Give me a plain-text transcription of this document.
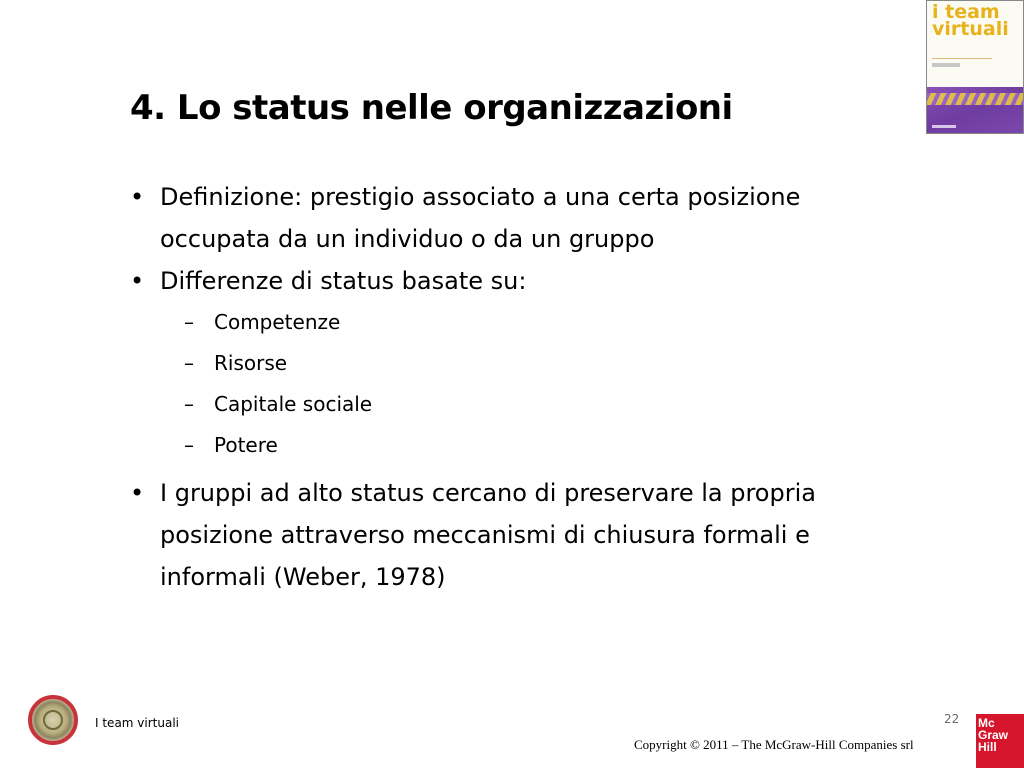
4. Lo status nelle organizzazioni
• Definizione: prestigio associato a una certa posizione
occupata da un individuo o da un gruppo
• Differenze di status basate su:
– Competenze
– Risorse
– Capitale sociale
– Potere
• I gruppi ad alto status cercano di preservare la propria
posizione attraverso meccanismi di chiusura formali e
informali (Weber, 1978)
i team
virtuali
I team virtuali	22
Copyright © 2011 – The McGraw-Hill Companies srl
Mc
Graw
Hill
